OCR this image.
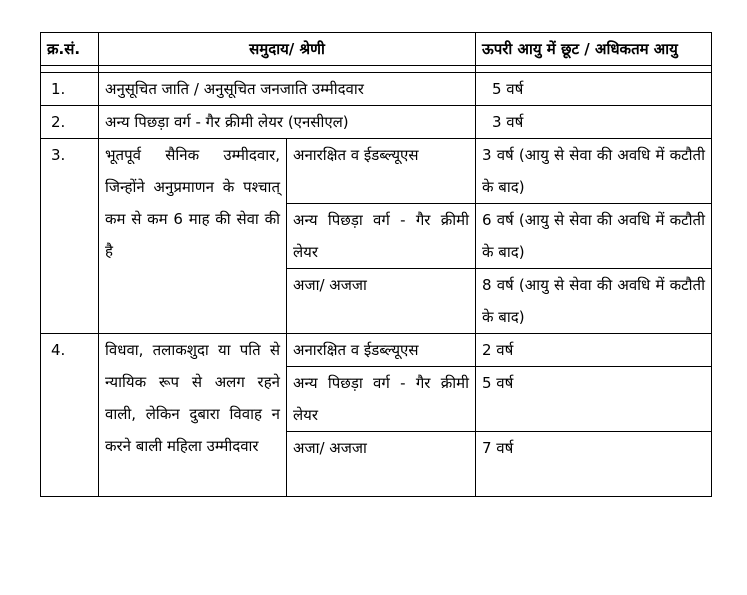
क्र.सं.	समुदाय/ श्रेणी		ऊपरी आयु में छूट / अधिकतम आयु

1.	अनुसूचित जाति / अनुसूचित जनजाति उम्मीदवार		5 वर्ष
2.	अन्य पिछड़ा वर्ग - गैर क्रीमी लेयर (एनसीएल)		3 वर्ष
3.	भूतपूर्व सैनिक उम्मीदवार, जिन्होंने अनुप्रमाणन के पश्चात् कम से कम 6 माह की सेवा की है	अनारक्षित व ईडब्ल्यूएस	3 वर्ष (आयु से सेवा की अवधि में कटौती के बाद)
		अन्य पिछड़ा वर्ग - गैर क्रीमी लेयर	6 वर्ष (आयु से सेवा की अवधि में कटौती के बाद)
		अजा/ अजजा	8 वर्ष (आयु से सेवा की अवधि में कटौती के बाद)
4.	विधवा, तलाकशुदा या पति से न्यायिक रूप से अलग रहने वाली, लेकिन दुबारा विवाह न करने बाली महिला उम्मीदवार	अनारक्षित व ईडब्ल्यूएस	2 वर्ष
		अन्य पिछड़ा वर्ग - गैर क्रीमी लेयर	5 वर्ष
		अजा/ अजजा	7 वर्ष
